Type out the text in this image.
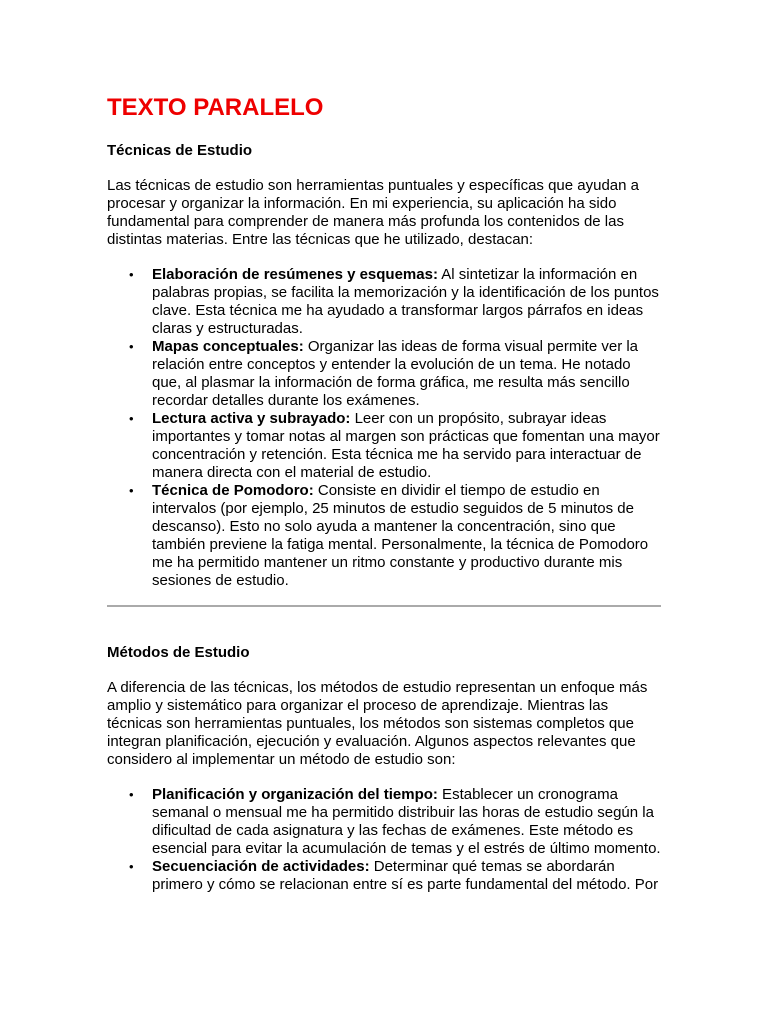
TEXTO PARALELO
Técnicas de Estudio

Las técnicas de estudio son herramientas puntuales y específicas que ayudan a procesar y organizar la información. En mi experiencia, su aplicación ha sido fundamental para comprender de manera más profunda los contenidos de las distintas materias. Entre las técnicas que he utilizado, destacan:

• Elaboración de resúmenes y esquemas: Al sintetizar la información en palabras propias, se facilita la memorización y la identificación de los puntos clave. Esta técnica me ha ayudado a transformar largos párrafos en ideas claras y estructuradas.
• Mapas conceptuales: Organizar las ideas de forma visual permite ver la relación entre conceptos y entender la evolución de un tema. He notado que, al plasmar la información de forma gráfica, me resulta más sencillo recordar detalles durante los exámenes.
• Lectura activa y subrayado: Leer con un propósito, subrayar ideas importantes y tomar notas al margen son prácticas que fomentan una mayor concentración y retención. Esta técnica me ha servido para interactuar de manera directa con el material de estudio.
• Técnica de Pomodoro: Consiste en dividir el tiempo de estudio en intervalos (por ejemplo, 25 minutos de estudio seguidos de 5 minutos de descanso). Esto no solo ayuda a mantener la concentración, sino que también previene la fatiga mental. Personalmente, la técnica de Pomodoro me ha permitido mantener un ritmo constante y productivo durante mis sesiones de estudio.
Métodos de Estudio

A diferencia de las técnicas, los métodos de estudio representan un enfoque más amplio y sistemático para organizar el proceso de aprendizaje. Mientras las técnicas son herramientas puntuales, los métodos son sistemas completos que integran planificación, ejecución y evaluación. Algunos aspectos relevantes que considero al implementar un método de estudio son:

• Planificación y organización del tiempo: Establecer un cronograma semanal o mensual me ha permitido distribuir las horas de estudio según la dificultad de cada asignatura y las fechas de exámenes. Este método es esencial para evitar la acumulación de temas y el estrés de último momento.
• Secuenciación de actividades: Determinar qué temas se abordarán primero y cómo se relacionan entre sí es parte fundamental del método. Por
